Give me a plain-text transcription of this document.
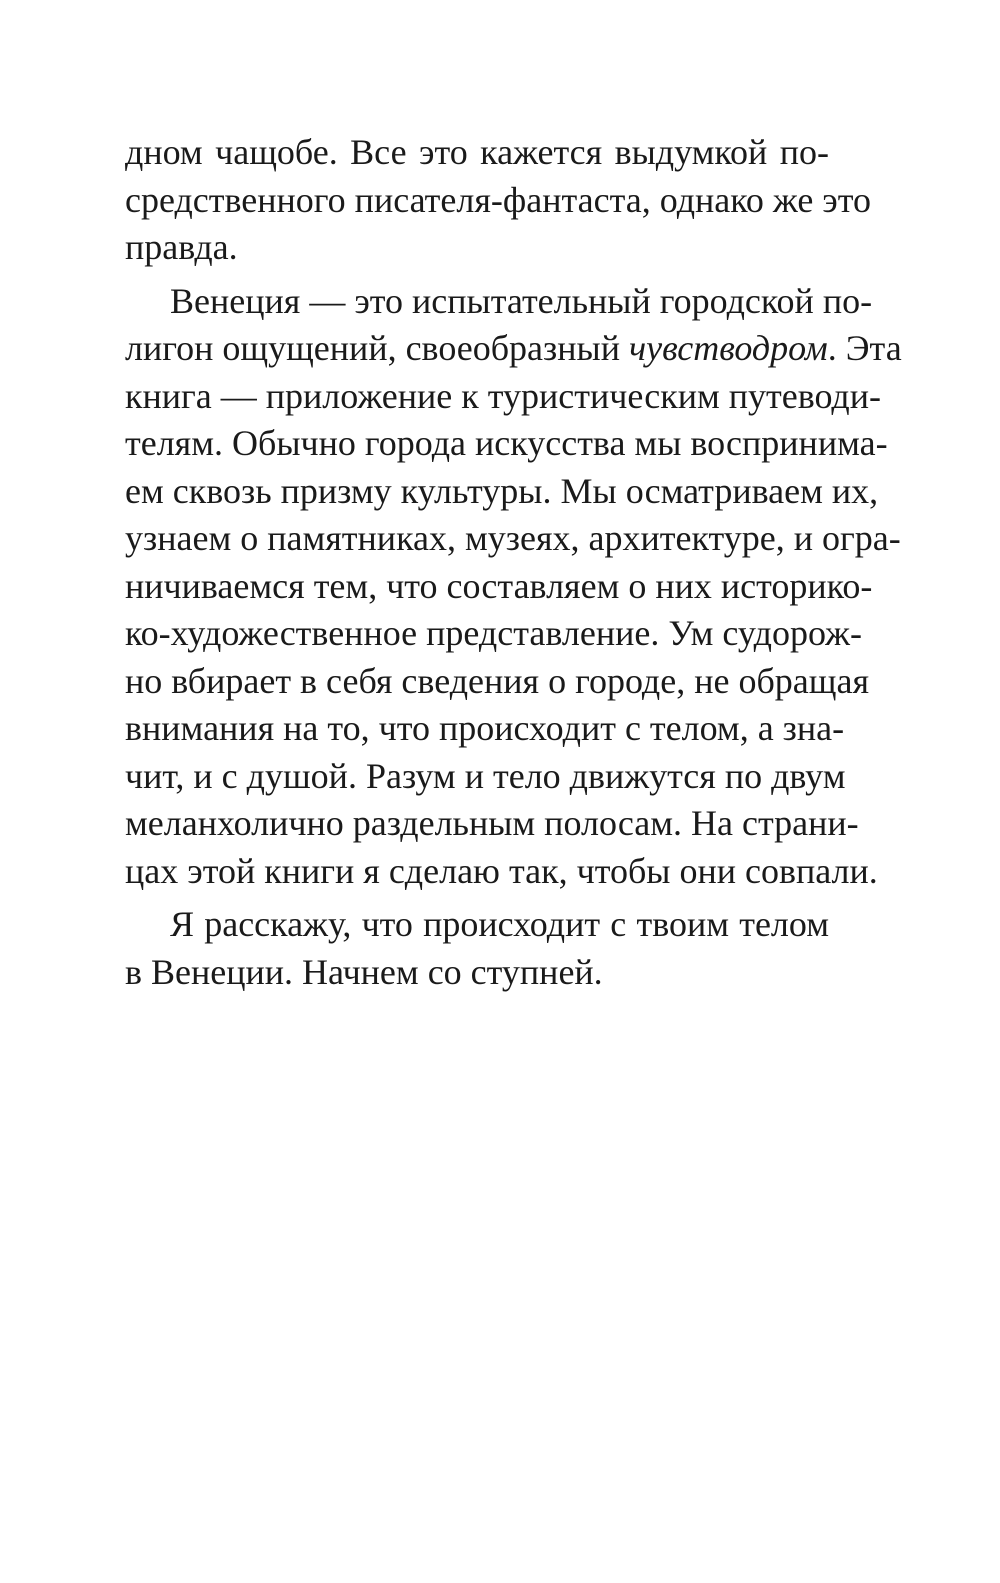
дном чащобе. Все это кажется выдумкой по-
средственного писателя-фантаста, однако же это
правда.
Венеция — это испытательный городской по-
лигон ощущений, своеобразный чувстводром. Эта
книга — приложение к туристическим путеводи-
телям. Обычно города искусства мы воспринима-
ем сквозь призму культуры. Мы осматриваем их,
узнаем о памятниках, музеях, архитектуре, и огра-
ничиваемся тем, что составляем о них историко-
ко-художественное представление. Ум судорож-
но вбирает в себя сведения о городе, не обращая
внимания на то, что происходит с телом, а зна-
чит, и с душой. Разум и тело движутся по двум
меланхолично раздельным полосам. На страни-
цах этой книги я сделаю так, чтобы они совпали.
Я расскажу, что происходит с твоим телом
в Венеции. Начнем со ступней.
